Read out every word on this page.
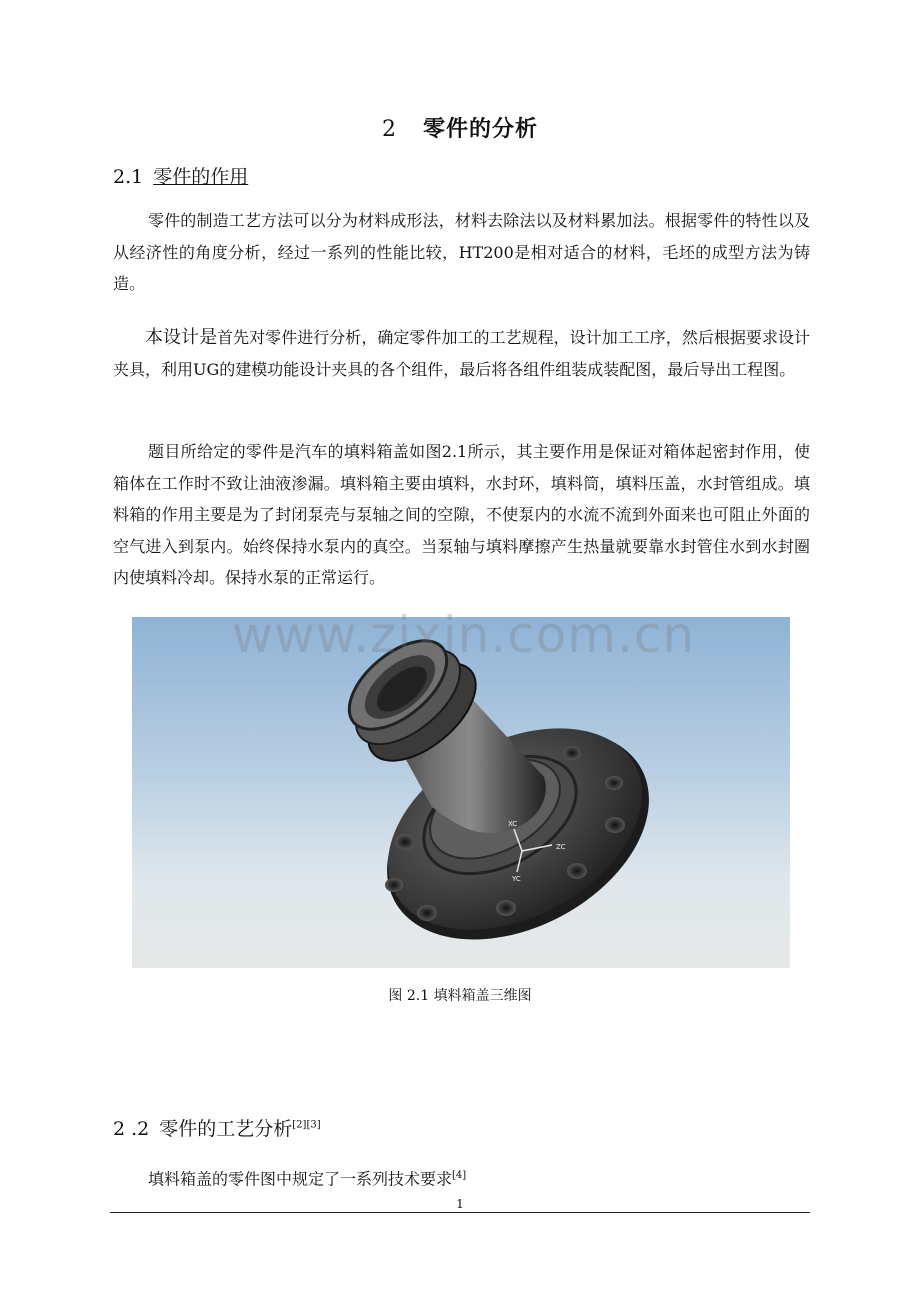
2 零件的分析
2.1 零件的作用

零件的制造工艺方法可以分为材料成形法，材料去除法以及材料累加法。根据零件的特性以及从经济性的角度分析，经过一系列的性能比较，HT200是相对适合的材料，毛坯的成型方法为铸造。

本设计是首先对零件进行分析，确定零件加工的工艺规程，设计加工工序，然后根据要求设计夹具，利用UG的建模功能设计夹具的各个组件，最后将各组件组装成装配图，最后导出工程图。

题目所给定的零件是汽车的填料箱盖如图2.1所示，其主要作用是保证对箱体起密封作用，使箱体在工作时不致让油液渗漏。填料箱主要由填料，水封环，填料筒，填料压盖，水封管组成。填料箱的作用主要是为了封闭泵壳与泵轴之间的空隙，不使泵内的水流不流到外面来也可阻止外面的空气进入到泵内。始终保持水泵内的真空。当泵轴与填料摩擦产生热量就要靠水封管住水到水封圈内使填料冷却。保持水泵的正常运行。

XC
ZC
YC
www.zixin.com.cn
图 2.1 填料箱盖三维图
2 .2 零件的工艺分析[2][3]

填料箱盖的零件图中规定了一系列技术要求[4]

1
